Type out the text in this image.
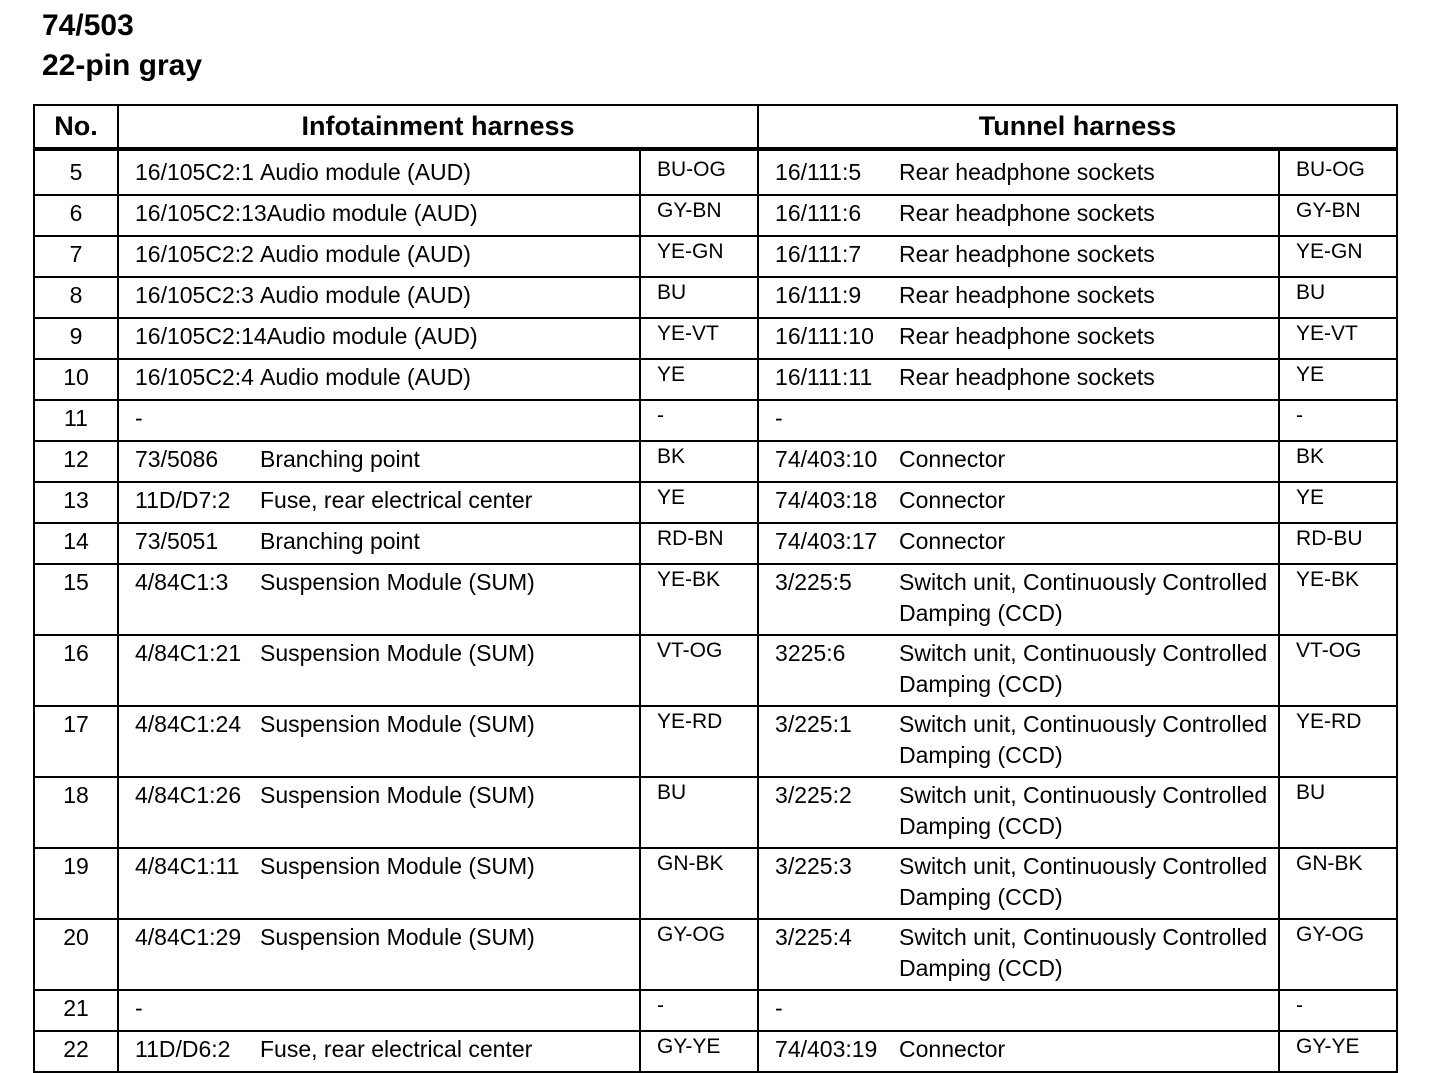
74/503
22-pin gray
No.	Infotainment harness			Tunnel harness		
5	16/105C2:1	Audio module (AUD)	BU-OG	16/111:5	Rear headphone sockets	BU-OG
6	16/105C2:13Audio module (AUD)		GY-BN	16/111:6	Rear headphone sockets	GY-BN
7	16/105C2:2	Audio module (AUD)	YE-GN	16/111:7	Rear headphone sockets	YE-GN
8	16/105C2:3	Audio module (AUD)	BU	16/111:9	Rear headphone sockets	BU
9	16/105C2:14Audio module (AUD)		YE-VT	16/111:10	Rear headphone sockets	YE-VT
10	16/105C2:4	Audio module (AUD)	YE	16/111:11	Rear headphone sockets	YE
11	-		-	-		-
12	73/5086	Branching point	BK	74/403:10	Connector	BK
13	11D/D7:2	Fuse, rear electrical center	YE	74/403:18	Connector	YE
14	73/5051	Branching point	RD-BN	74/403:17	Connector	RD-BU
15	4/84C1:3	Suspension Module (SUM)	YE-BK	3/225:5	Switch unit, Continuously Controlled Damping (CCD)	YE-BK
16	4/84C1:21	Suspension Module (SUM)	VT-OG	3225:6	Switch unit, Continuously Controlled Damping (CCD)	VT-OG
17	4/84C1:24	Suspension Module (SUM)	YE-RD	3/225:1	Switch unit, Continuously Controlled Damping (CCD)	YE-RD
18	4/84C1:26	Suspension Module (SUM)	BU	3/225:2	Switch unit, Continuously Controlled Damping (CCD)	BU
19	4/84C1:11	Suspension Module (SUM)	GN-BK	3/225:3	Switch unit, Continuously Controlled Damping (CCD)	GN-BK
20	4/84C1:29	Suspension Module (SUM)	GY-OG	3/225:4	Switch unit, Continuously Controlled Damping (CCD)	GY-OG
21	-		-	-		-
22	11D/D6:2	Fuse, rear electrical center	GY-YE	74/403:19	Connector	GY-YE
